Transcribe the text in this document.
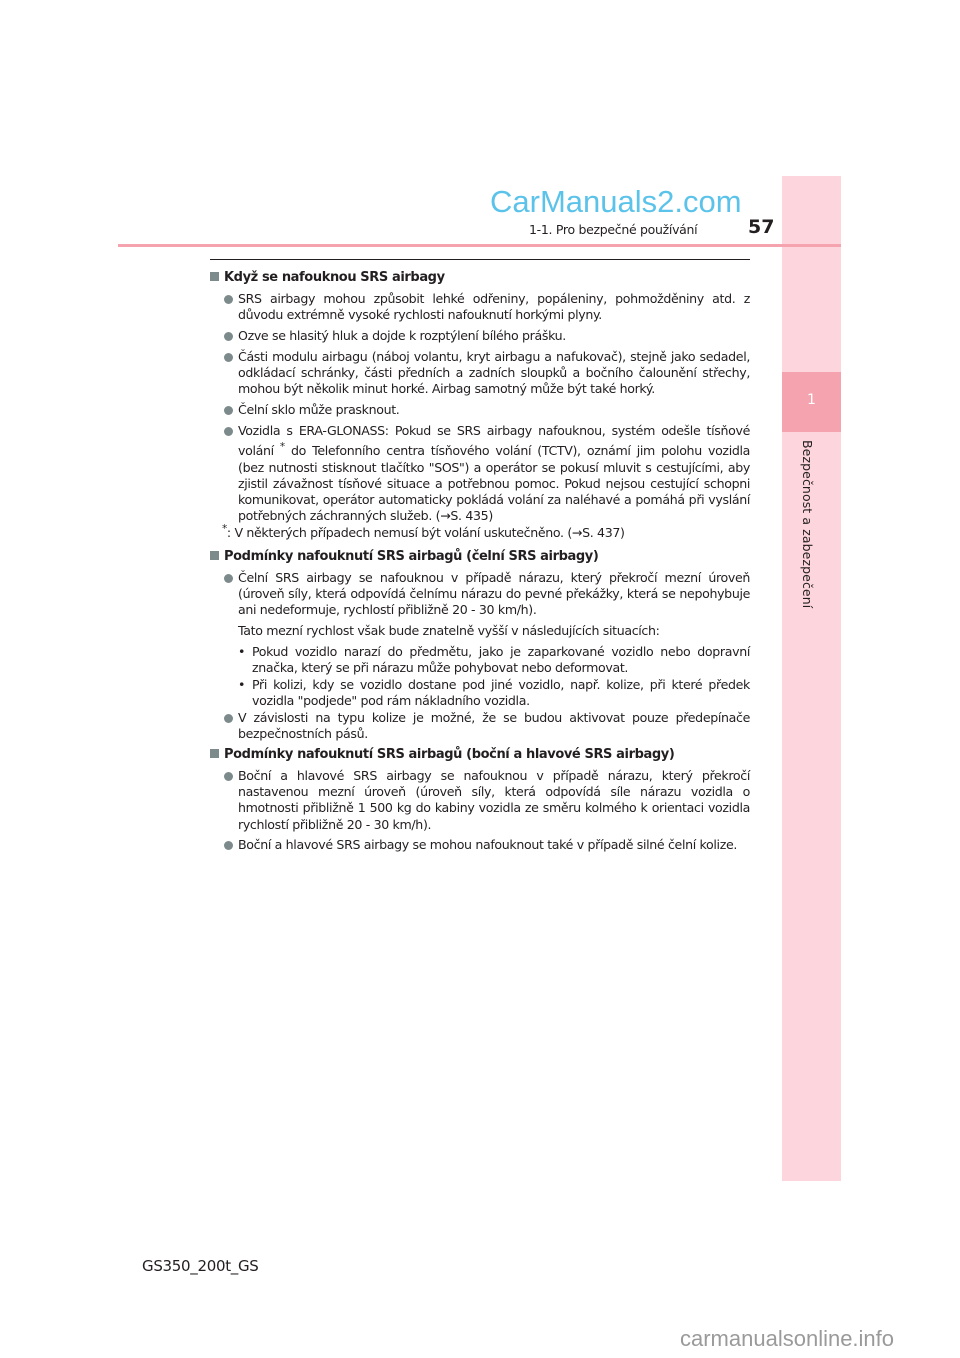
1
Bezpečnost a zabezpečení
CarManuals2.com
1-1. Pro bezpečné používání	57
Když se nafouknou SRS airbagy
SRS airbagy mohou způsobit lehké odřeniny, popáleniny, pohmožděniny atd. z důvodu extrémně vysoké rychlosti nafouknutí horkými plyny.
Ozve se hlasitý hluk a dojde k rozptýlení bílého prášku.
Části modulu airbagu (náboj volantu, kryt airbagu a nafukovač), stejně jako sedadel, odkládací schránky, části předních a zadních sloupků a bočního čalounění střechy, mohou být několik minut horké. Airbag samotný může být také horký.
Čelní sklo může prasknout.
Vozidla s ERA-GLONASS: Pokud se SRS airbagy nafouknou, systém odešle tísňové volání * do Telefonního centra tísňového volání (TCTV), oznámí jim polohu vozidla (bez nutnosti stisknout tlačítko "SOS") a operátor se pokusí mluvit s cestujícími, aby zjistil závažnost tísňové situace a potřebnou pomoc. Pokud nejsou cestující schopni komunikovat, operátor automaticky pokládá volání za naléhavé a pomáhá při vyslání potřebných záchranných služeb. (→S. 435)
*: V některých případech nemusí být volání uskutečněno. (→S. 437)
Podmínky nafouknutí SRS airbagů (čelní SRS airbagy)
Čelní SRS airbagy se nafouknou v případě nárazu, který překročí mezní úroveň (úroveň síly, která odpovídá čelnímu nárazu do pevné překážky, která se nepohybuje ani nedeformuje, rychlostí přibližně 20 - 30 km/h).
Tato mezní rychlost však bude znatelně vyšší v následujících situacích:
• Pokud vozidlo narazí do předmětu, jako je zaparkované vozidlo nebo dopravní značka, který se při nárazu může pohybovat nebo deformovat.
• Při kolizi, kdy se vozidlo dostane pod jiné vozidlo, např. kolize, při které předek vozidla "podjede" pod rám nákladního vozidla.
V závislosti na typu kolize je možné, že se budou aktivovat pouze předepínače bezpečnostních pásů.
Podmínky nafouknutí SRS airbagů (boční a hlavové SRS airbagy)
Boční a hlavové SRS airbagy se nafouknou v případě nárazu, který překročí nastavenou mezní úroveň (úroveň síly, která odpovídá síle nárazu vozidla o hmotnosti přibližně 1 500 kg do kabiny vozidla ze směru kolmého k orientaci vozidla rychlostí přibližně 20 - 30 km/h).
Boční a hlavové SRS airbagy se mohou nafouknout také v případě silné čelní kolize.
GS350_200t_GS
carmanualsonline.info
